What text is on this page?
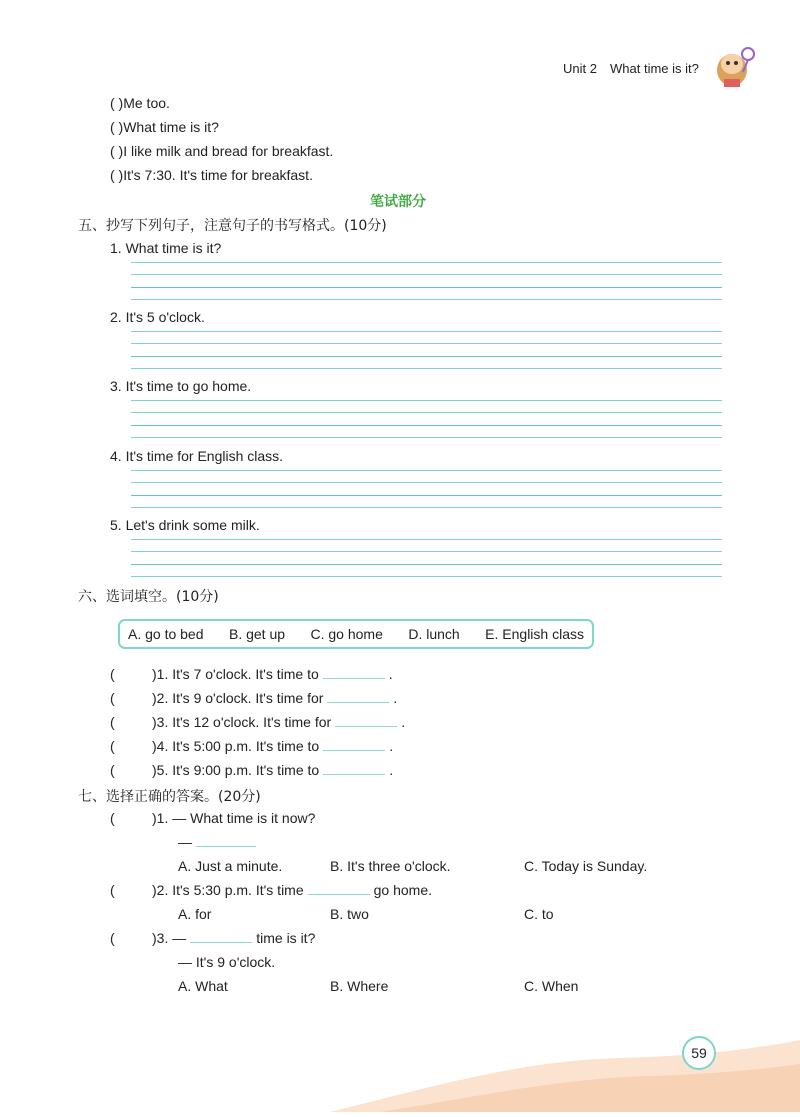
Unit 2 What time is it?
( )Me too.
( )What time is it?
( )I like milk and bread for breakfast.
( )It's 7:30. It's time for breakfast.
笔试部分
五、抄写下列句子，注意句子的书写格式。(10分)
1. What time is it?
2. It's 5 o'clock.
3. It's time to go home.
4. It's time for English class.
5. Let's drink some milk.
六、选词填空。(10分)
A. go to bed B. get up C. go home D. lunch E. English class
(	)1. It's 7 o'clock. It's time to	.
(	)2. It's 9 o'clock. It's time for	.
(	)3. It's 12 o'clock. It's time for	.
(	)4. It's 5:00 p.m. It's time to	.
(	)5. It's 9:00 p.m. It's time to	.
七、选择正确的答案。(20分)
(	)1. — What time is it now?
—
A. Just a minute.	B. It's three o'clock.	C. Today is Sunday.
(	)2. It's 5:30 p.m. It's time	go home.
A. for	B. two	C. to
(	)3. —	time is it?
— It's 9 o'clock.
A. What	B. Where	C. When
59
